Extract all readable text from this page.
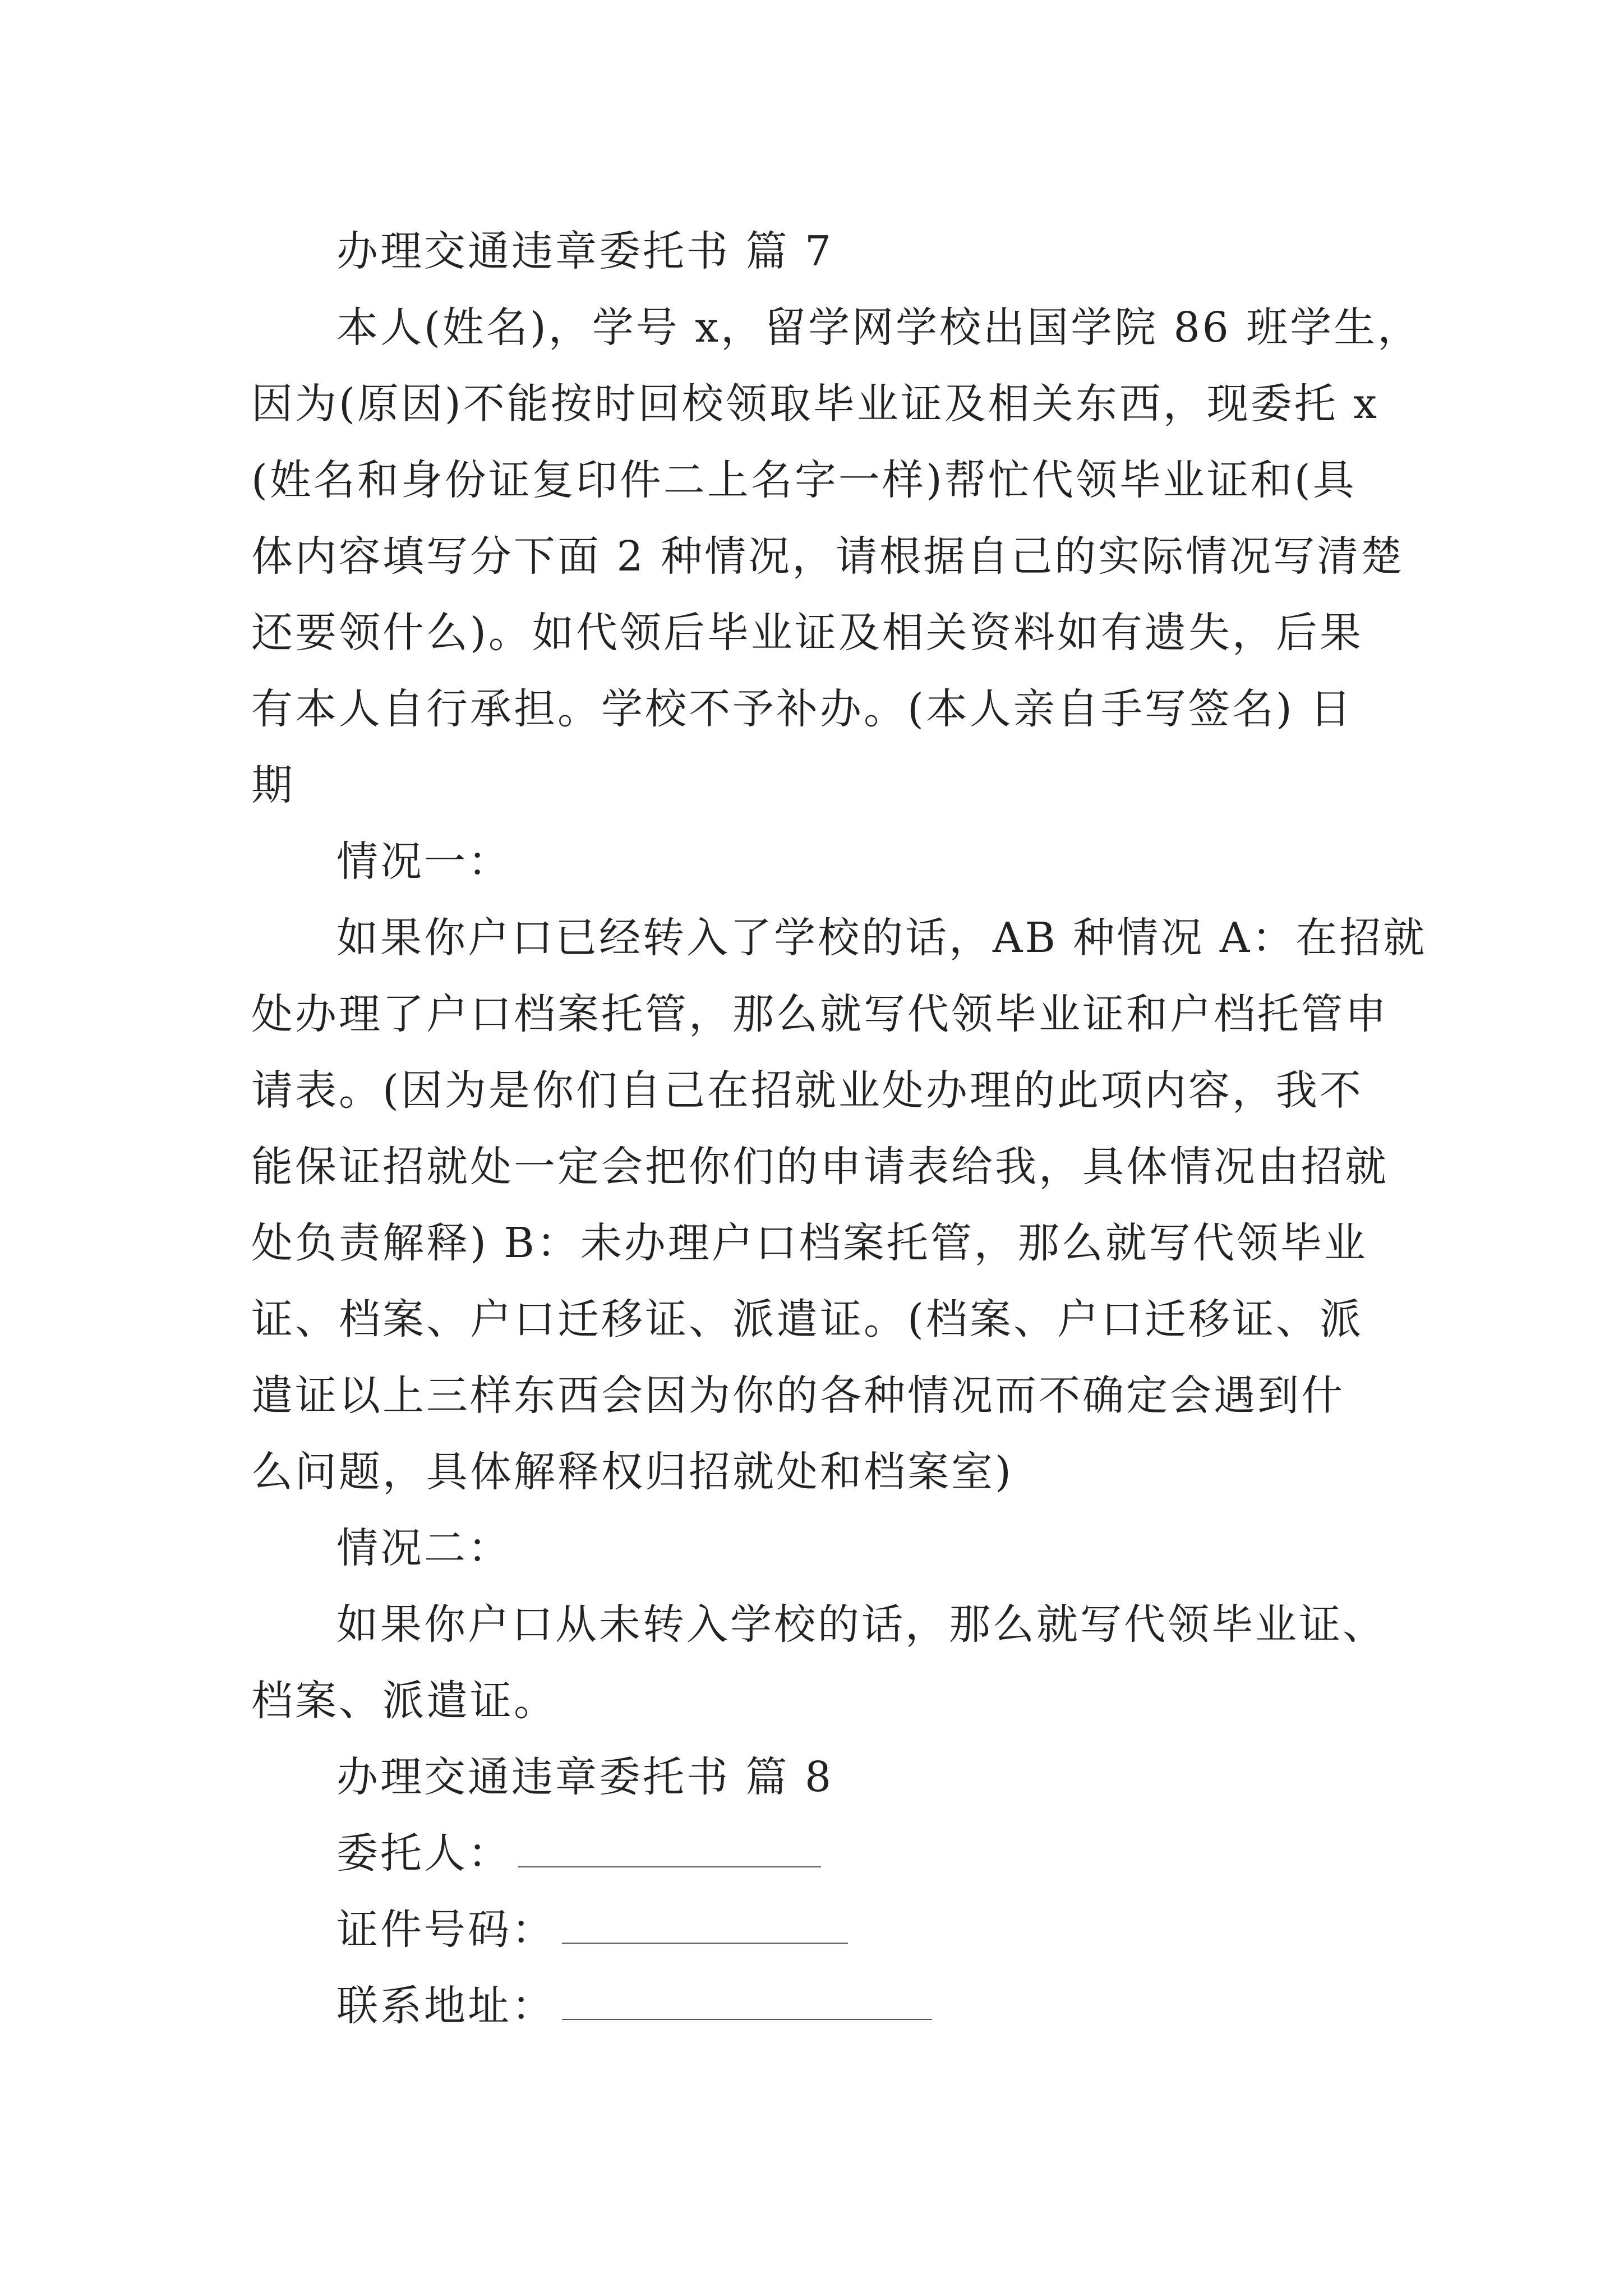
办理交通违章委托书 篇 7
本人(姓名)，学号 x，留学网学校出国学院 86 班学生，
因为(原因)不能按时回校领取毕业证及相关东西，现委托 x
(姓名和身份证复印件二上名字一样)帮忙代领毕业证和(具
体内容填写分下面 2 种情况，请根据自己的实际情况写清楚
还要领什么)。如代领后毕业证及相关资料如有遗失，后果
有本人自行承担。学校不予补办。(本人亲自手写签名) 日
期
情况一：
如果你户口已经转入了学校的话，AB 种情况 A：在招就
处办理了户口档案托管，那么就写代领毕业证和户档托管申
请表。(因为是你们自己在招就业处办理的此项内容，我不
能保证招就处一定会把你们的申请表给我，具体情况由招就
处负责解释) B：未办理户口档案托管，那么就写代领毕业
证、档案、户口迁移证、派遣证。(档案、户口迁移证、派
遣证以上三样东西会因为你的各种情况而不确定会遇到什
么问题，具体解释权归招就处和档案室)
情况二：
如果你户口从未转入学校的话，那么就写代领毕业证、
档案、派遣证。
办理交通违章委托书 篇 8
委托人：
证件号码：
联系地址：
